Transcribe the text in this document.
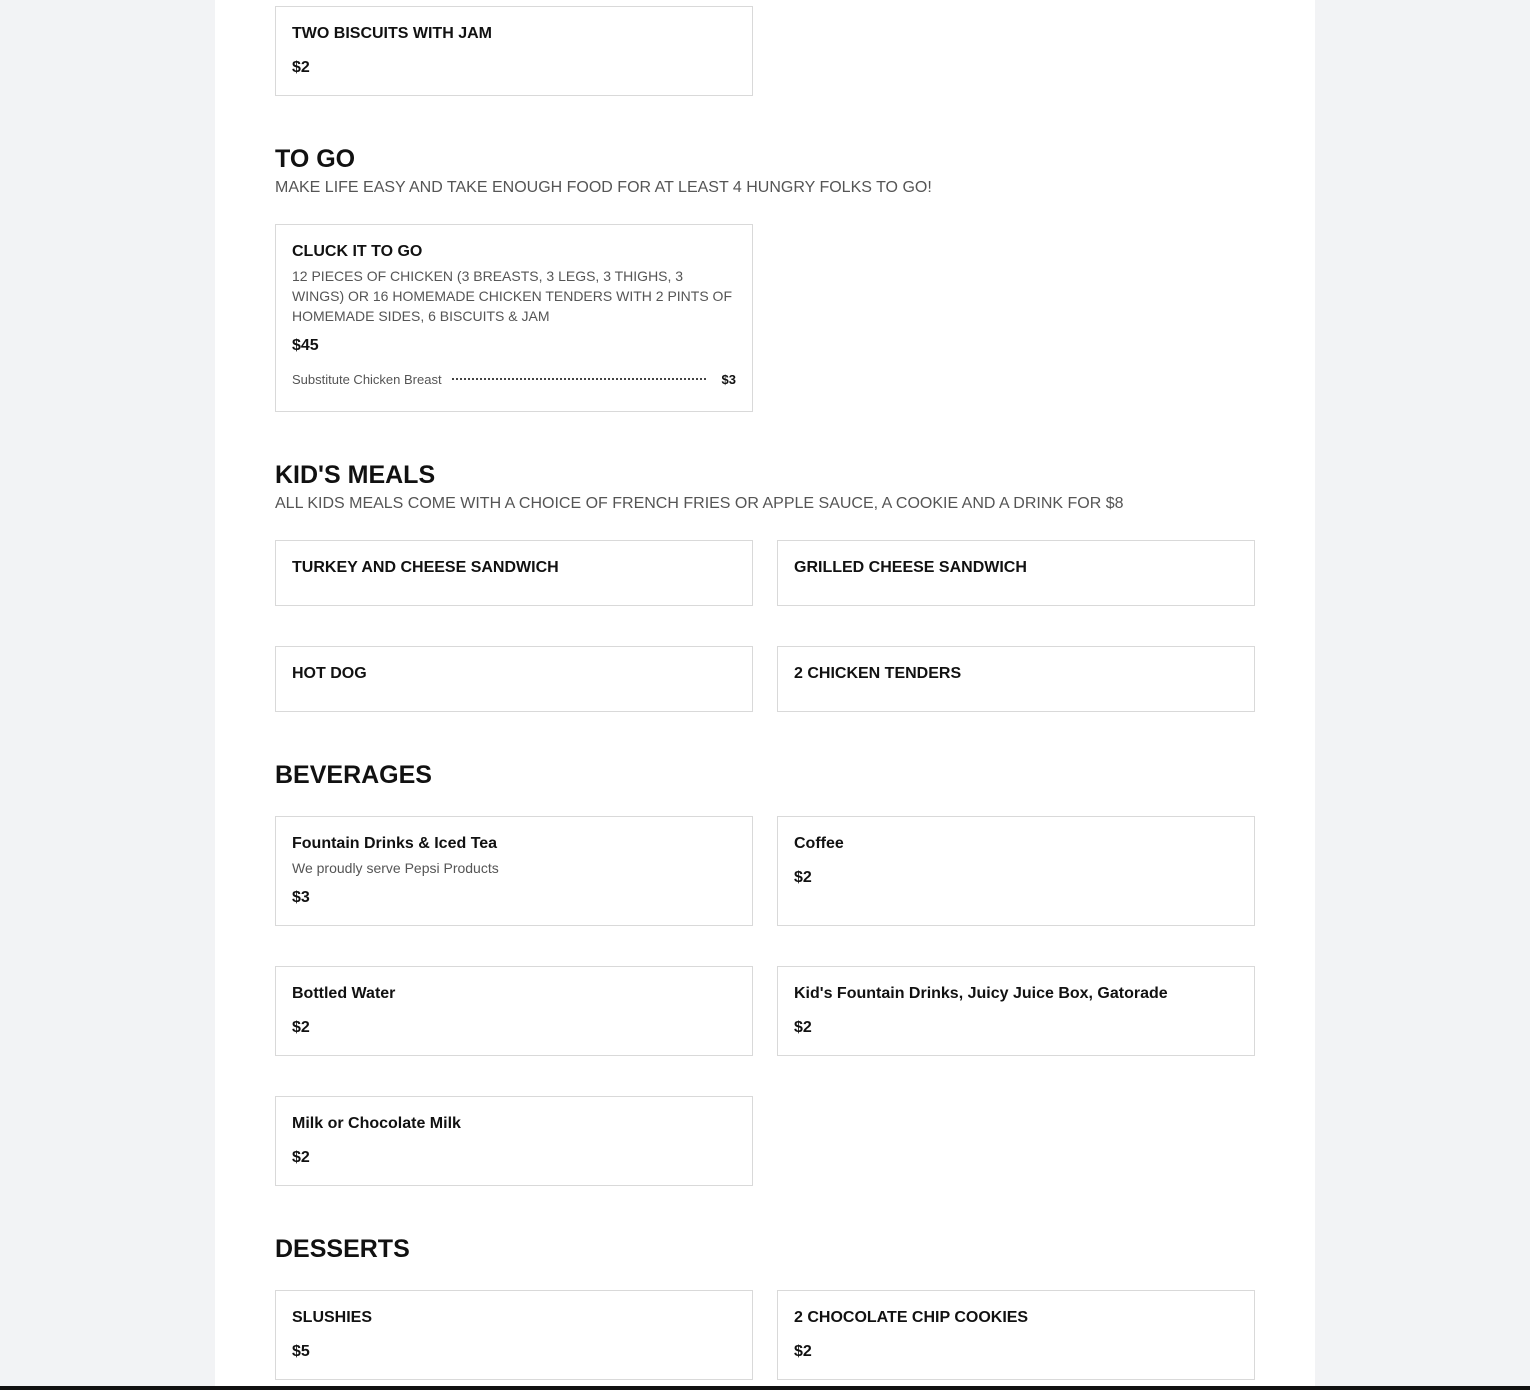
TWO BISCUITS WITH JAM
$2
TO GO
MAKE LIFE EASY AND TAKE ENOUGH FOOD FOR AT LEAST 4 HUNGRY FOLKS TO GO!
CLUCK IT TO GO
12 PIECES OF CHICKEN (3 BREASTS, 3 LEGS, 3 THIGHS, 3 WINGS) OR 16 HOMEMADE CHICKEN TENDERS WITH 2 PINTS OF HOMEMADE SIDES, 6 BISCUITS & JAM
$45
Substitute Chicken Breast	$3
KID'S MEALS
ALL KIDS MEALS COME WITH A CHOICE OF FRENCH FRIES OR APPLE SAUCE, A COOKIE AND A DRINK FOR $8
TURKEY AND CHEESE SANDWICH	GRILLED CHEESE SANDWICH
HOT DOG	2 CHICKEN TENDERS
BEVERAGES
Fountain Drinks & Iced Tea
We proudly serve Pepsi Products
$3
Coffee
$2
Bottled Water
$2
Kid's Fountain Drinks, Juicy Juice Box, Gatorade
$2
Milk or Chocolate Milk
$2
DESSERTS
SLUSHIES
$5
2 CHOCOLATE CHIP COOKIES
$2
